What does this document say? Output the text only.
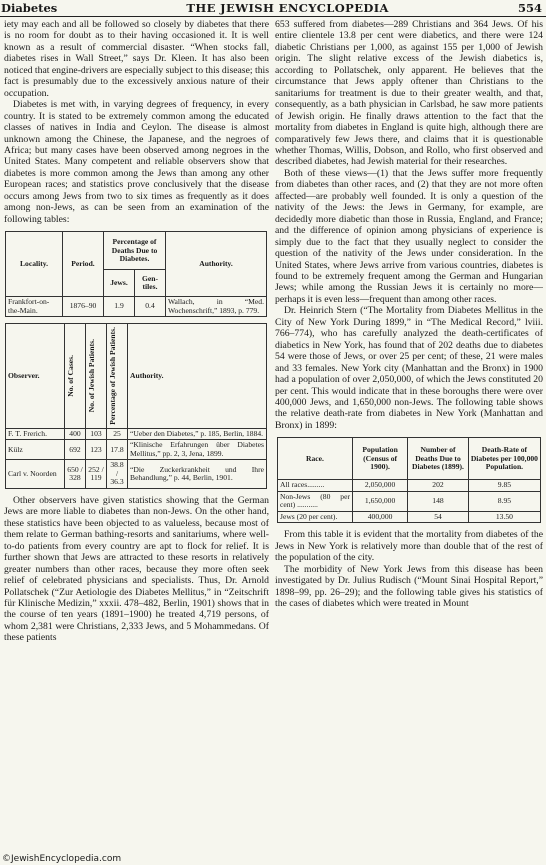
Diabetes	THE JEWISH ENCYCLOPEDIA	554

iety may each and all be followed so closely by diabetes that there is no room for doubt as to their having occasioned it. It is well known as a result of commercial disaster. “When stocks fall, diabetes rises in Wall Street,” says Dr. Kleen. It has also been noticed that engine-drivers are especially subject to this disease; this fact is presumably due to the excessively anxious nature of their occupation.

Diabetes is met with, in varying degrees of frequency, in every country. It is stated to be extremely common among the educated classes of natives in India and Ceylon. The disease is almost unknown among the Chinese, the Japanese, and the negroes of Africa; but many cases have been observed among negroes in the United States. Many competent and reliable observers show that diabetes is more common among the Jews than among any other European races; and statistics prove conclusively that the disease occurs among Jews from two to six times as frequently as it does among non-Jews, as can be seen from an examination of the following tables:

Locality.	Period.	Percentage of Deaths Due to Diabetes.		Authority.
		Jews.	Gen-tiles.	
Frankfort-on-the-Main.	1876–90	1.9	0.4	Wallach, in “Med. Wochenschrift,” 1893, p. 779.
Observer.	No. of Cases.	No. of Jewish Patients.	Percentage of Jewish Patients.	Authority.
F. T. Frerich.	400	103	25	“Ueber den Diabetes,” p. 185, Berlin, 1884.
Külz	692	123	17.8	“Klinische Erfahrungen über Diabetes Mellitus,” pp. 2, 3, Jena, 1899.
Carl v. Noorden	650 / 328	252 / 119	38.8 / 36.3	“Die Zuckerkrankheit und Ihre Behandlung,” p. 44, Berlin, 1901.

Other observers have given statistics showing that the German Jews are more liable to diabetes than non-Jews. On the other hand, these statistics have been objected to as valueless, because most of them relate to German bathing-resorts and sanitariums, where well-to-do patients from every country are apt to flock for relief. It is further shown that Jews are attracted to these resorts in relatively greater numbers than other races, because they more often seek relief of celebrated physicians and specialists. Thus, Dr. Arnold Pollatschek (“Zur Aetiologie des Diabetes Mellitus,” in “Zeitschrift für Klinische Medizin,” xxxii. 478–482, Berlin, 1901) shows that in the course of ten years (1891–1900) he treated 4,719 persons, of whom 2,381 were Christians, 2,333 Jews, and 5 Mohammedans. Of these patients

653 suffered from diabetes—289 Christians and 364 Jews. Of his entire clientele 13.8 per cent were diabetics, and there were 124 diabetic Christians per 1,000, as against 155 per 1,000 of Jewish origin. The slight relative excess of the Jewish diabetics is, according to Pollatschek, only apparent. He believes that the circumstance that Jews apply oftener than Christians to the sanitariums for treatment is due to their greater wealth, and that, consequently, as a bath physician in Carlsbad, he saw more patients of Jewish origin. He finally draws attention to the fact that the mortality from diabetes in England is quite high, although there are comparatively few Jews there, and claims that it is questionable whether Thomas, Willis, Dobson, and Rollo, who first observed and described diabetes, had Jewish material for their researches.

Both of these views—(1) that the Jews suffer more frequently from diabetes than other races, and (2) that they are not more often affected—are probably well founded. It is only a question of the nativity of the Jews: the Jews in Germany, for example, are decidedly more diabetic than those in Russia, England, and France; and the difference of opinion among physicians of experience is simply due to the fact that they usually neglect to consider the question of the nativity of the Jews under consideration. In the United States, where Jews arrive from various countries, diabetes is found to be extremely frequent among the German and Hungarian Jews; while among the Russian Jews it is certainly no more—perhaps it is even less—frequent than among other races.

Dr. Heinrich Stern (“The Mortality from Diabetes Mellitus in the City of New York During 1899,” in “The Medical Record,” lviii. 766–774), who has carefully analyzed the death-certificates of diabetics in New York, has found that of 202 deaths due to diabetes 54 were those of Jews, or over 25 per cent; of these, 21 were males and 33 females. New York city (Manhattan and the Bronx) in 1900 had a population of over 2,050,000, of which the Jews constituted 20 per cent. This would indicate that in these boroughs there were over 400,000 Jews, and 1,650,000 non-Jews. The following table shows the relative death-rate from diabetes in New York (Manhattan and Bronx) in 1899:

Race.	Population (Census of 1900).	Number of Deaths Due to Diabetes (1899).	Death-Rate of Diabetes per 100,000 Population.
All races.........	2,050,000	202	9.85
Non-Jews (80 per cent) ...........	1,650,000	148	8.95
Jews (20 per cent).	400,000	54	13.50

From this table it is evident that the mortality from diabetes of the Jews in New York is relatively more than double that of the rest of the population of the city.

The morbidity of New York Jews from this disease has been investigated by Dr. Julius Rudisch (“Mount Sinai Hospital Report,” 1898–99, pp. 26–29); and the following table gives his statistics of the cases of diabetes which were treated in Mount

©JewishEncyclopedia.com
